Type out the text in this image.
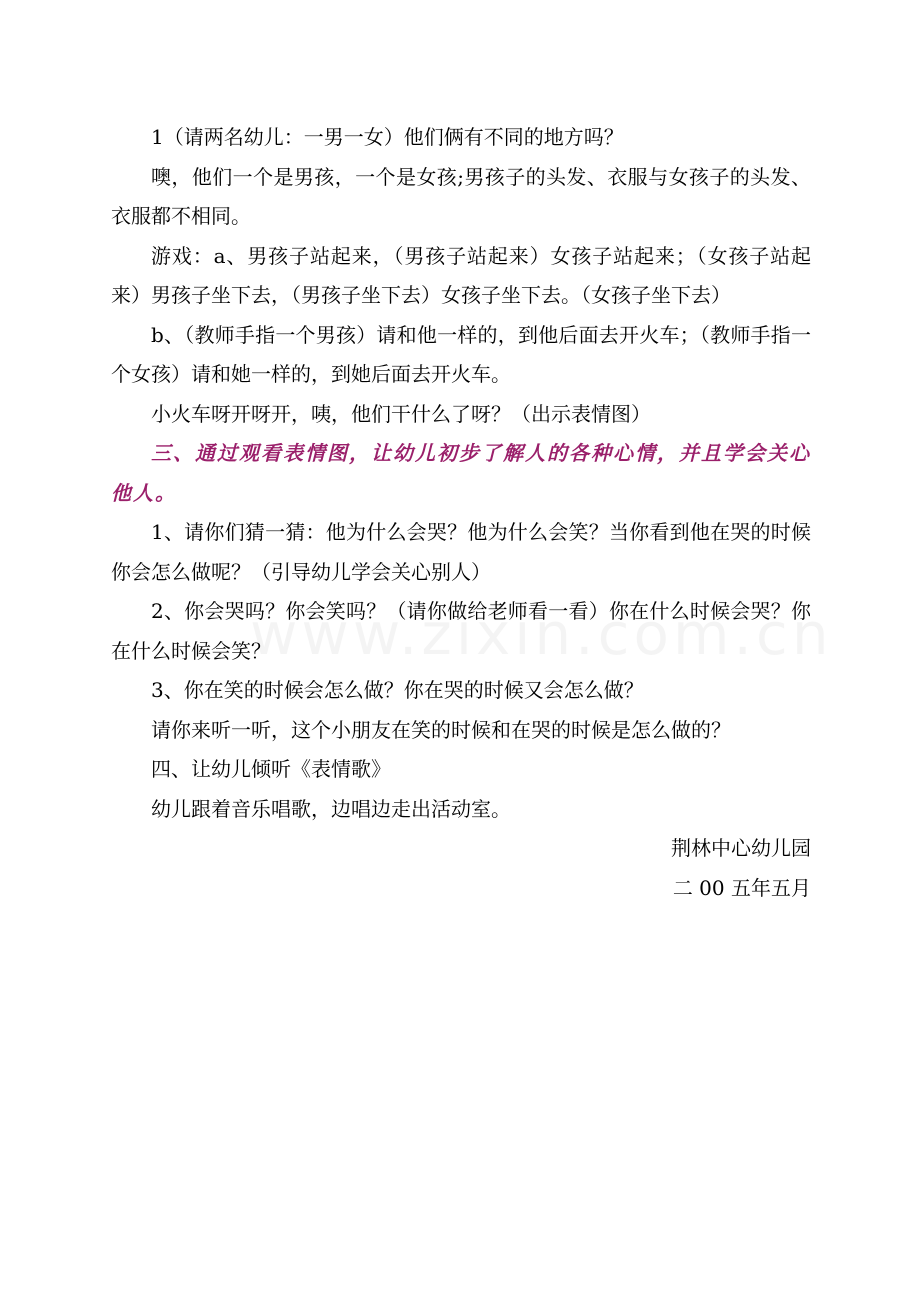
1（请两名幼儿：一男一女）他们俩有不同的地方吗？

噢，他们一个是男孩，一个是女孩;男孩子的头发、衣服与女孩子的头发、衣服都不相同。

游戏：a、男孩子站起来，（男孩子站起来）女孩子站起来；（女孩子站起来）男孩子坐下去，（男孩子坐下去）女孩子坐下去。（女孩子坐下去）

b、（教师手指一个男孩）请和他一样的，到他后面去开火车；（教师手指一个女孩）请和她一样的，到她后面去开火车。

小火车呀开呀开，咦，他们干什么了呀？（出示表情图）

三、通过观看表情图，让幼儿初步了解人的各种心情，并且学会关心他人。

1、请你们猜一猜：他为什么会哭？他为什么会笑？当你看到他在哭的时候你会怎么做呢？（引导幼儿学会关心别人）

2、你会哭吗？你会笑吗？（请你做给老师看一看）你在什么时候会哭？你在什么时候会笑？

3、你在笑的时候会怎么做？你在哭的时候又会怎么做？

请你来听一听，这个小朋友在笑的时候和在哭的时候是怎么做的？

四、让幼儿倾听《表情歌》

幼儿跟着音乐唱歌，边唱边走出活动室。

荆林中心幼儿园

二 00 五年五月
